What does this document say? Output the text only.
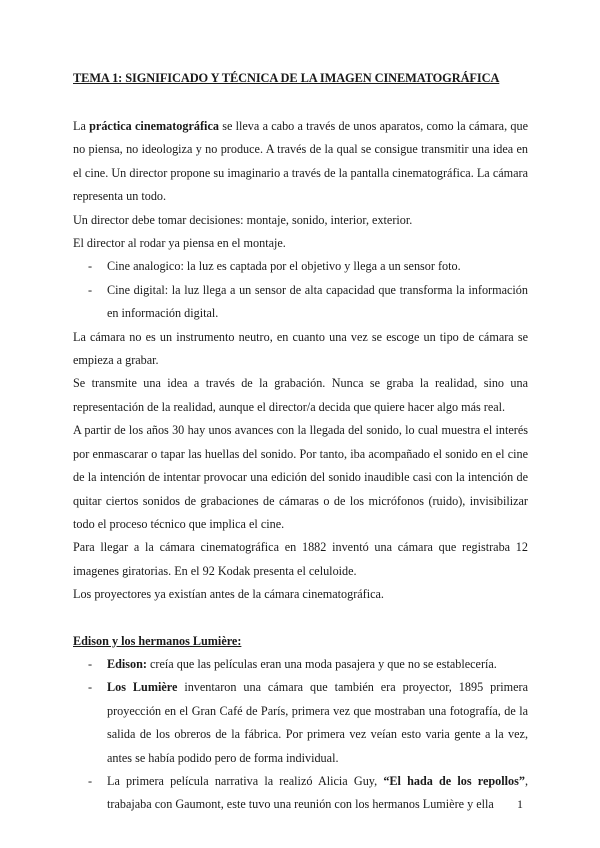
TEMA 1: SIGNIFICADO Y TÉCNICA DE LA IMAGEN CINEMATOGRÁFICA

La práctica cinematográfica se lleva a cabo a través de unos aparatos, como la cámara, que no piensa, no ideologiza y no produce. A través de la qual se consigue transmitir una idea en el cine. Un director propone su imaginario a través de la pantalla cinematográfica. La cámara representa un todo.

Un director debe tomar decisiones: montaje, sonido, interior, exterior.

El director al rodar ya piensa en el montaje.

- Cine analogico: la luz es captada por el objetivo y llega a un sensor foto.
- Cine digital: la luz llega a un sensor de alta capacidad que transforma la información en información digital.

La cámara no es un instrumento neutro, en cuanto una vez se escoge un tipo de cámara se empieza a grabar.

Se transmite una idea a través de la grabación. Nunca se graba la realidad, sino una representación de la realidad, aunque el director/a decida que quiere hacer algo más real.

A partir de los años 30 hay unos avances con la llegada del sonido, lo cual muestra el interés por enmascarar o tapar las huellas del sonido. Por tanto, iba acompañado el sonido en el cine de la intención de intentar provocar una edición del sonido inaudible casi con la intención de quitar ciertos sonidos de grabaciones de cámaras o de los micrófonos (ruido), invisibilizar todo el proceso técnico que implica el cine.

Para llegar a la cámara cinematográfica en 1882 inventó una cámara que registraba 12 imagenes giratorias. En el 92 Kodak presenta el celuloide.

Los proyectores ya existían antes de la cámara cinematográfica.

Edison y los hermanos Lumière:

- Edison: creía que las películas eran una moda pasajera y que no se establecería.
- Los Lumière inventaron una cámara que también era proyector, 1895 primera proyección en el Gran Café de París, primera vez que mostraban una fotografía, de la salida de los obreros de la fábrica. Por primera vez veían esto varia gente a la vez, antes se había podido pero de forma individual.
- La primera película narrativa la realizó Alicia Guy, “El hada de los repollos”, trabajaba con Gaumont, este tuvo una reunión con los hermanos Lumière y ella	1
